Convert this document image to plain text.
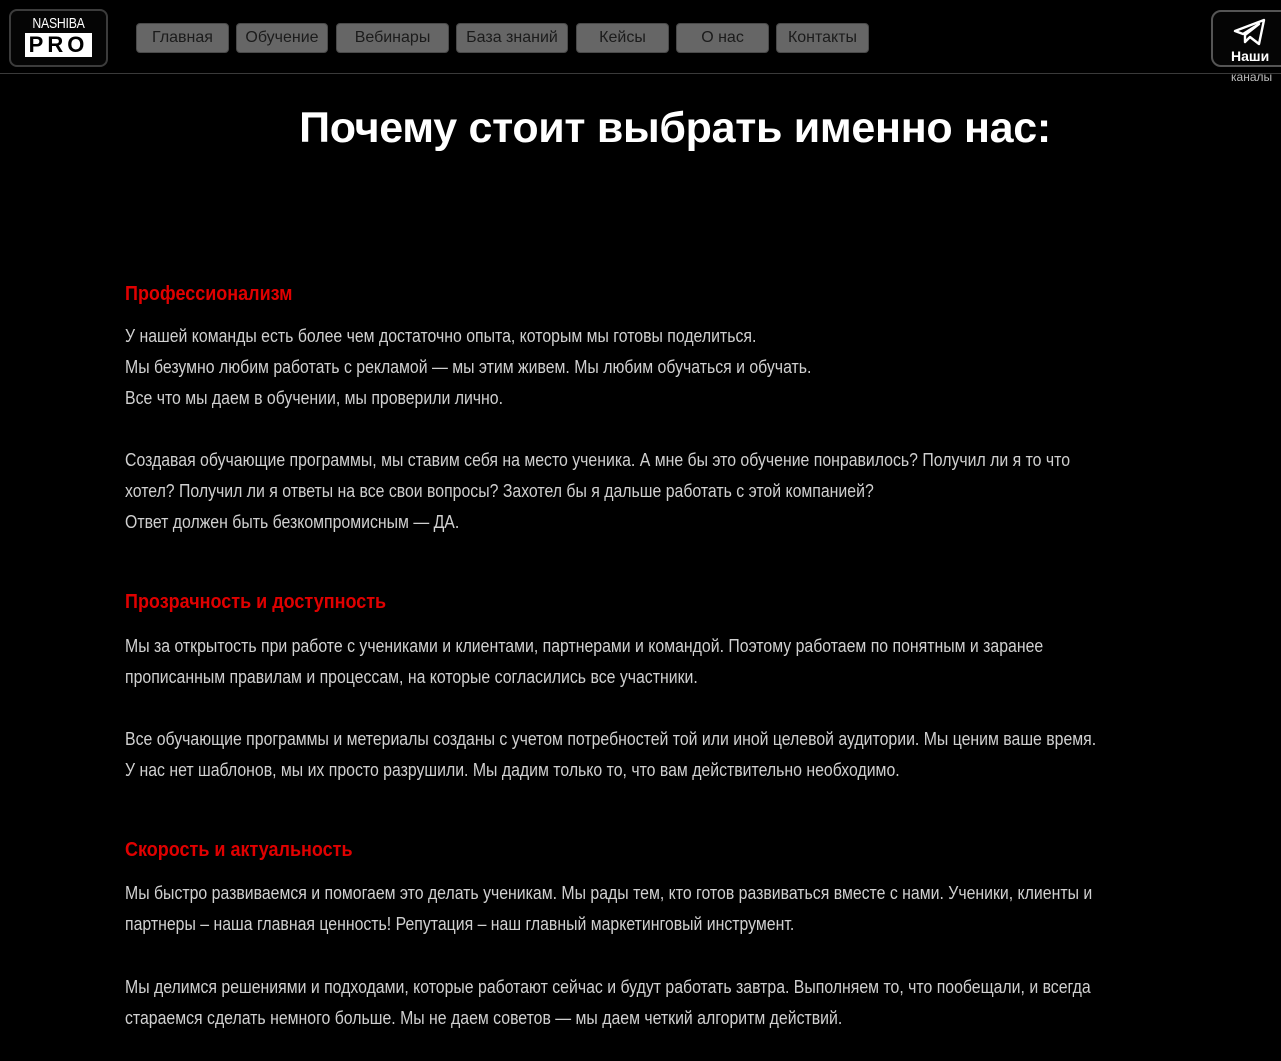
NASHIBA
PRO	Главная	Обучение	Вебинары	База знаний	Кейсы	О нас	Контакты
Наши
каналы
Почему стоит выбрать именно нас:
Профессионализм
У нашей команды есть более чем достаточно опыта, которым мы готовы поделиться.
Мы безумно любим работать с рекламой — мы этим живем. Мы любим обучаться и обучать.
Все что мы даем в обучении, мы проверили лично.
Создавая обучающие программы, мы ставим себя на место ученика. А мне бы это обучение понравилось? Получил ли я то что
хотел? Получил ли я ответы на все свои вопросы? Захотел бы я дальше работать с этой компанией?
Ответ должен быть безкомпромисным — ДА.
Прозрачность и доступность
Мы за открытость при работе с учениками и клиентами, партнерами и командой. Поэтому работаем по понятным и заранее
прописанным правилам и процессам, на которые согласились все участники.
Все обучающие программы и метериалы созданы с учетом потребностей той или иной целевой аудитории. Мы ценим ваше время.
У нас нет шаблонов, мы их просто разрушили. Мы дадим только то, что вам действительно необходимо.
Скорость и актуальность
Мы быстро развиваемся и помогаем это делать ученикам. Мы рады тем, кто готов развиваться вместе с нами. Ученики, клиенты и
партнеры – наша главная ценность! Репутация – наш главный маркетинговый инструмент.
Мы делимся решениями и подходами, которые работают сейчас и будут работать завтра. Выполняем то, что пообещали, и всегда
стараемся сделать немного больше. Мы не даем советов — мы даем четкий алгоритм действий.
